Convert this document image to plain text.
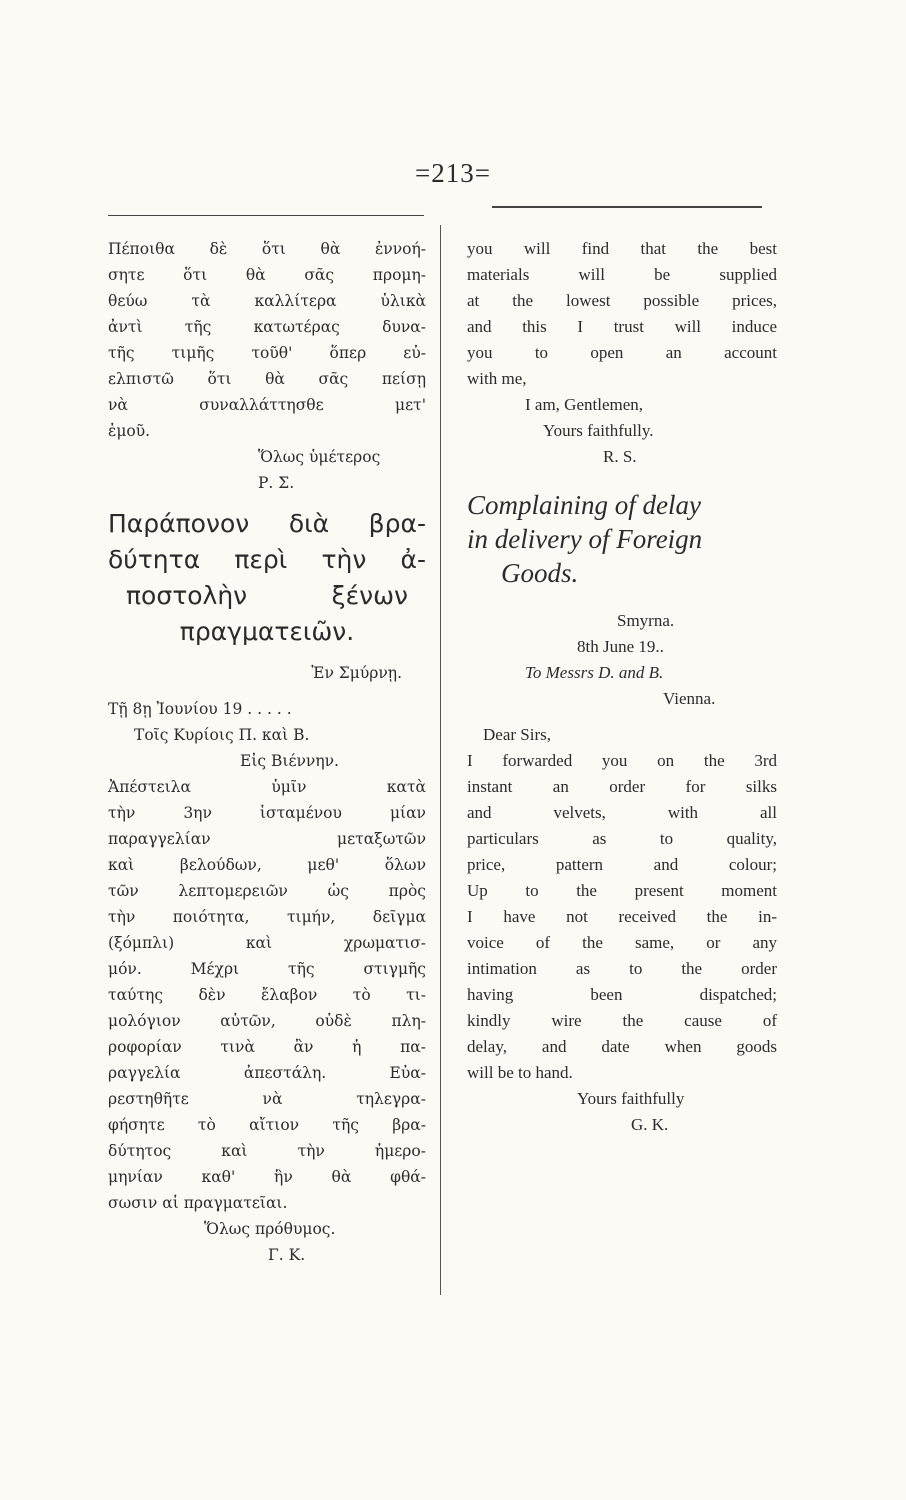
=213=
Πέποιθα δὲ ὅτι θὰ ἐννοή-
σητε ὅτι θὰ σᾶς προμη-
θεύω τὰ καλλίτερα ὑλικὰ
ἀντὶ τῆς κατωτέρας δυνα-
τῆς τιμῆς τοῦθ' ὅπερ εὐ-
ελπιστῶ ὅτι θὰ σᾶς πείσῃ
νὰ συναλλάττησθε μετ'
ἐμοῦ.
Ὅλως ὑμέτερος
Ρ. Σ.
Παράπονον διὰ βρα-
δύτητα περὶ τὴν ἀ-
ποστολὴν ξένων
πραγματειῶν.
Ἐν Σμύρνῃ.
Τῇ 8ῃ Ἰουνίου 19 . . . . .
Τοῖς Κυρίοις Π. καὶ Β.
Εἰς Βιέννην.
Ἀπέστειλα ὑμῖν κατὰ
τὴν 3ην ἱσταμένου μίαν
παραγγελίαν μεταξωτῶν
καὶ βελούδων, μεθ' ὅλων
τῶν λεπτομερειῶν ὡς πρὸς
τὴν ποιότητα, τιμήν, δεῖγμα
(ξόμπλι) καὶ χρωματισ-
μόν. Μέχρι τῆς στιγμῆς
ταύτης δὲν ἔλαβον τὸ τι-
μολόγιον αὐτῶν, οὐδὲ πλη-
ροφορίαν τινὰ ἂν ἡ πα-
ραγγελία ἀπεστάλη. Εὐα-
ρεστηθῆτε νὰ τηλεγρα-
φήσητε τὸ αἴτιον τῆς βρα-
δύτητος καὶ τὴν ἡμερο-
μηνίαν καθ' ἣν θὰ φθά-
σωσιν αἱ πραγματεῖαι.
Ὅλως πρόθυμος.
Γ. Κ.
you will find that the best
materials will be supplied
at the lowest possible prices,
and this I trust will induce
you to open an account
with me,
I am, Gentlemen,
Yours faithfully.
R. S.
Complaining of delay
in delivery of Foreign
Goods.
Smyrna.
8th June 19..
To Messrs D. and B.
Vienna.
Dear Sirs,
I forwarded you on the 3rd
instant an order for silks
and velvets, with all
particulars as to quality,
price, pattern and colour;
Up to the present moment
I have not received the in-
voice of the same, or any
intimation as to the order
having been dispatched;
kindly wire the cause of
delay, and date when goods
will be to hand.
Yours faithfully
G. K.
